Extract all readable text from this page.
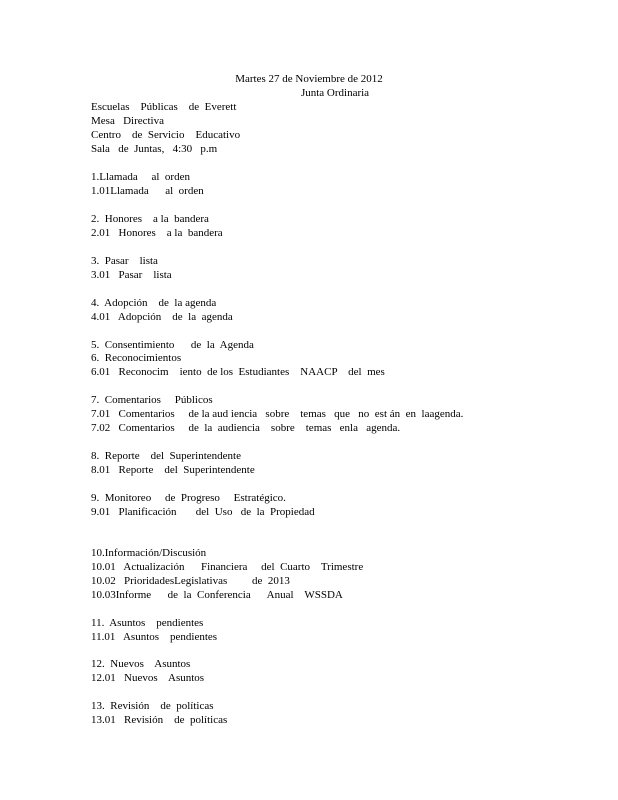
Martes 27 de Noviembre de 2012
Junta Ordinaria
Escuelas    Públicas    de  Everett
Mesa   Directiva
Centro    de  Servicio    Educativo
Sala   de  Juntas,   4:30   p.m
1.Llamada     al  orden
1.01Llamada      al  orden
2.  Honores    a la  bandera
2.01   Honores    a la  bandera
3.  Pasar    lista
3.01   Pasar    lista
4.  Adopción    de  la agenda
4.01   Adopción    de  la  agenda
5.  Consentimiento      de  la  Agenda
6.  Reconocimientos
6.01   Reconocim    iento  de los  Estudiantes    NAACP    del  mes
7.  Comentarios     Públicos
7.01   Comentarios     de la aud iencia   sobre    temas   que   no  est án  en  laagenda.
7.02   Comentarios     de  la  audiencia    sobre    temas   enla   agenda.
8.  Reporte    del  Superintendente
8.01   Reporte    del  Superintendente
9.  Monitoreo     de  Progreso     Estratégico.
9.01   Planificación       del  Uso   de  la  Propiedad
10.Información/Discusión
10.01   Actualización      Financiera     del  Cuarto    Trimestre
10.02   PrioridadesLegislativas         de  2013
10.03Informe      de  la  Conferencia      Anual    WSSDA
11.  Asuntos    pendientes
11.01   Asuntos    pendientes
12.  Nuevos    Asuntos
12.01   Nuevos    Asuntos
13.  Revisión    de  políticas
13.01   Revisión    de  políticas
